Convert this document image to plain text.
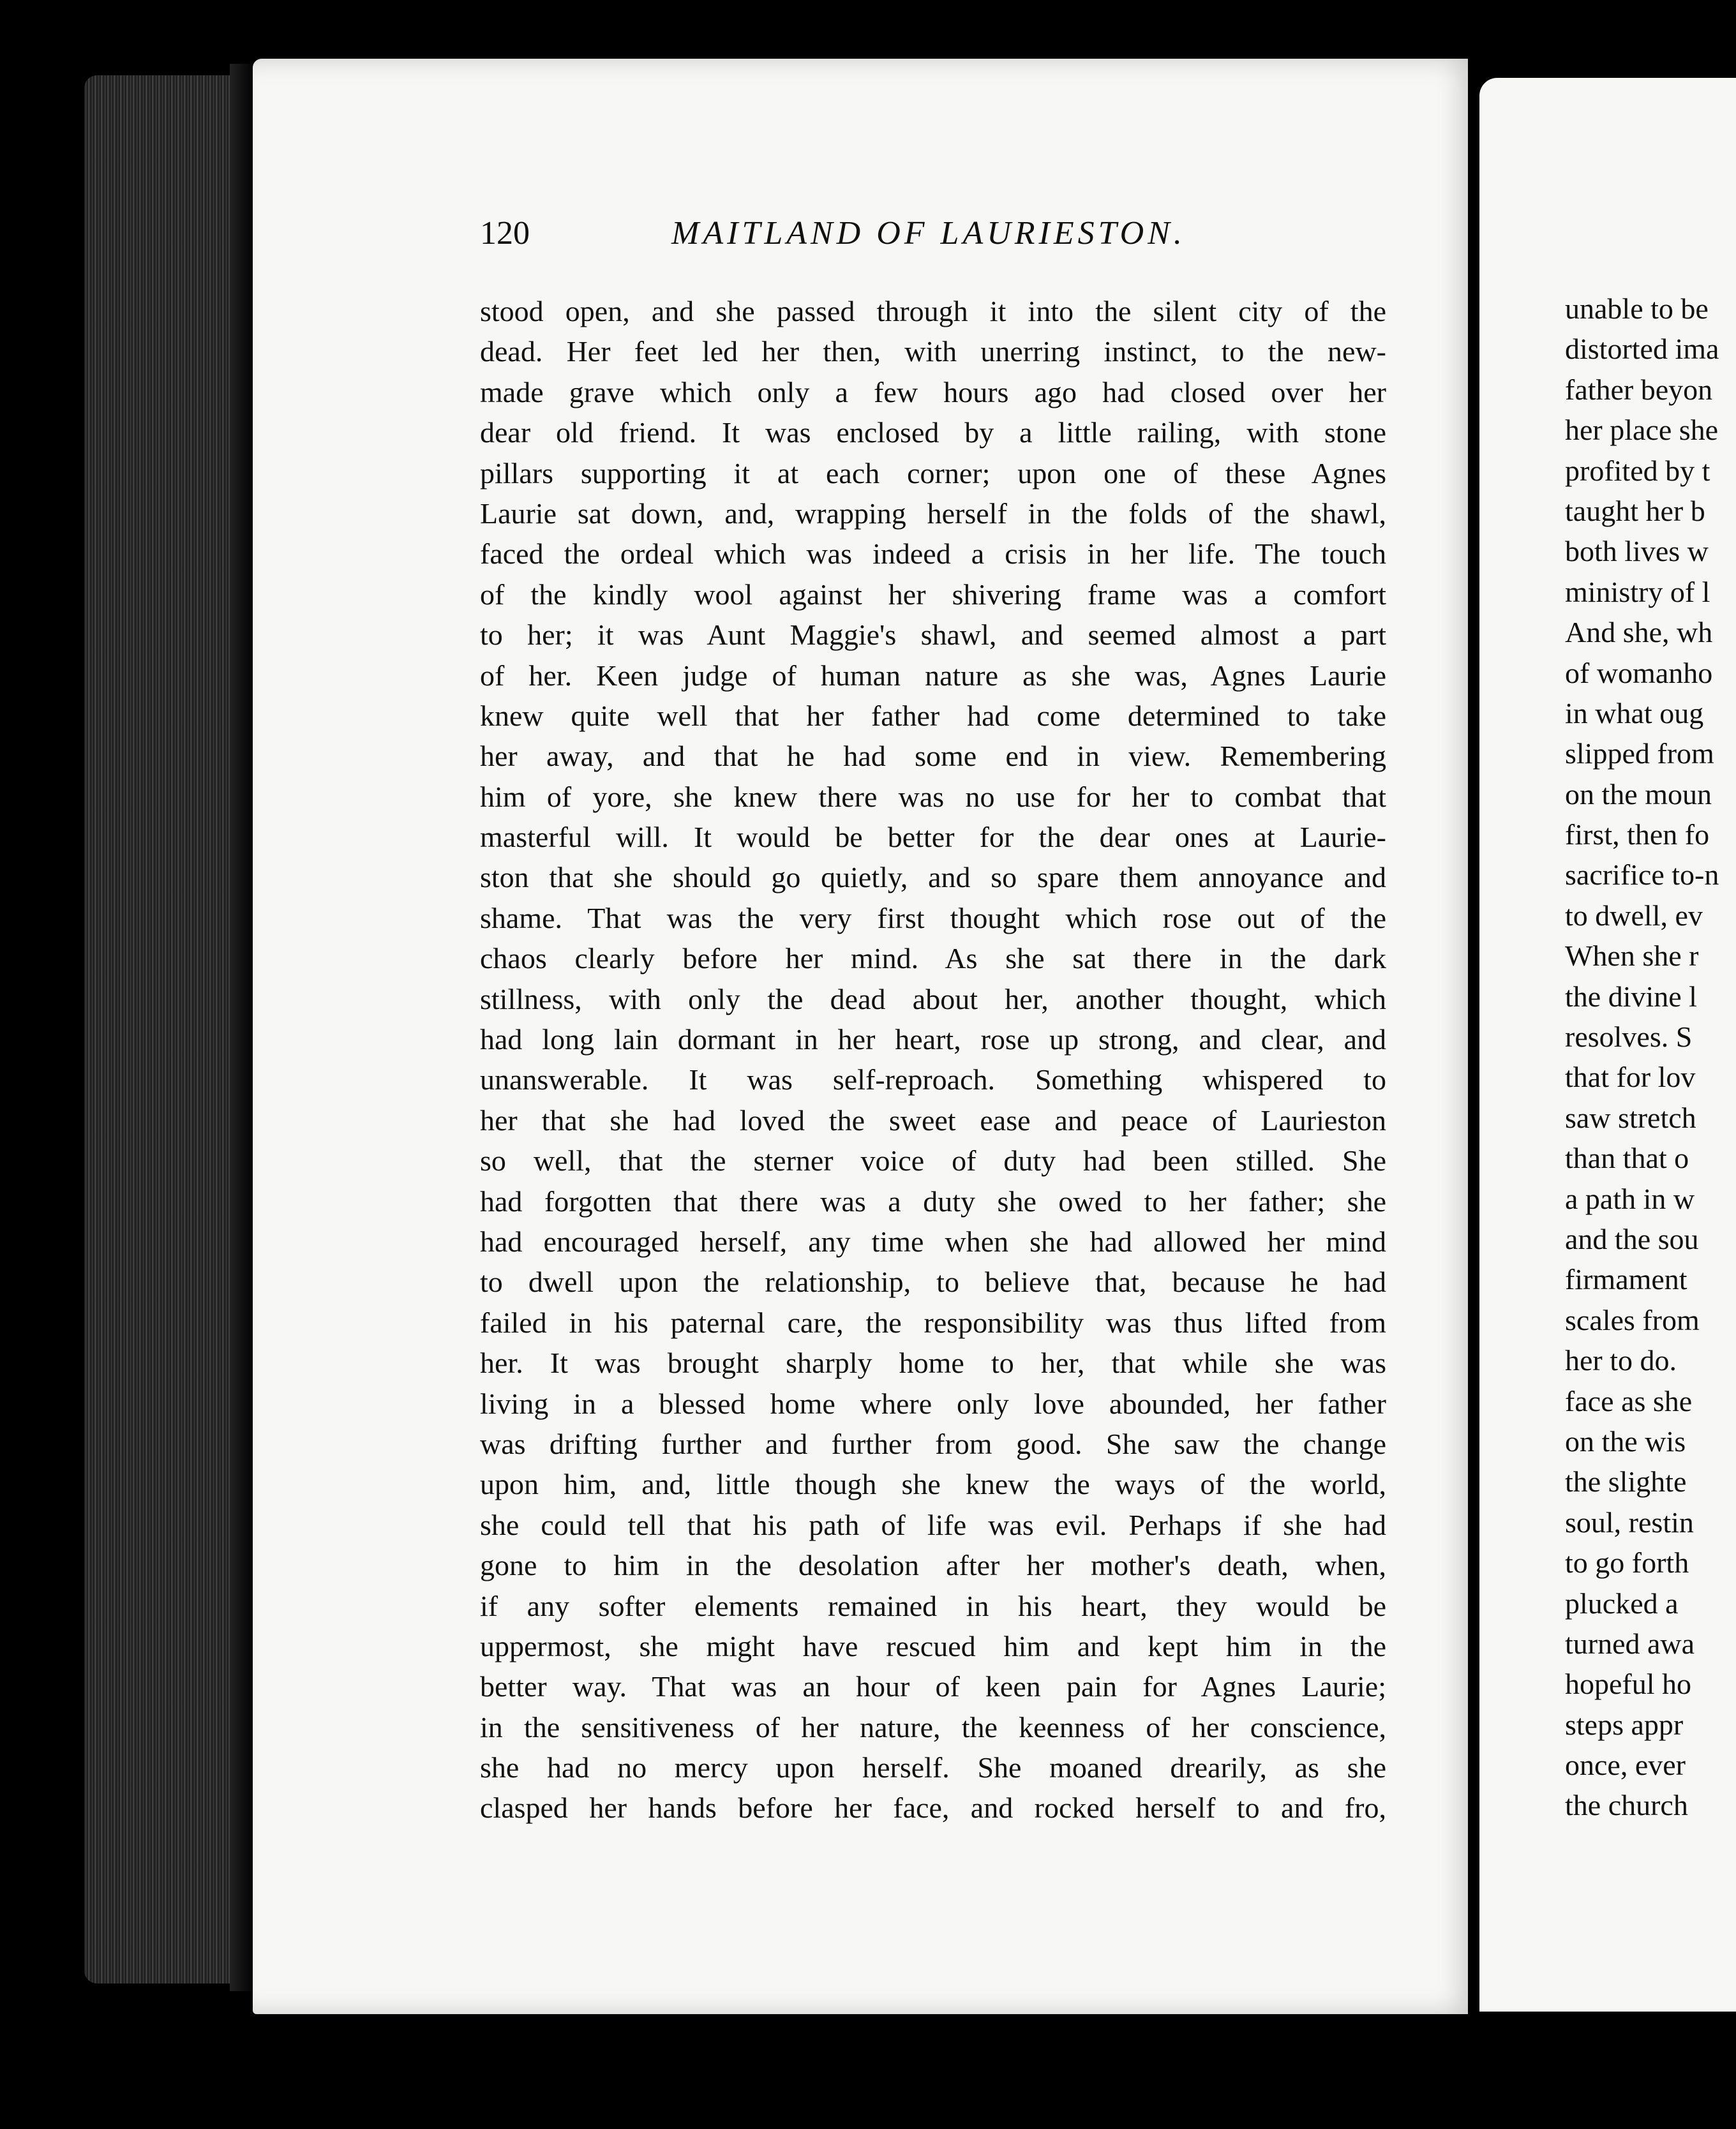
120	MAITLAND OF LAURIESTON.
stood open, and she passed through it into the silent city of the
dead. Her feet led her then, with unerring instinct, to the new-
made grave which only a few hours ago had closed over her
dear old friend. It was enclosed by a little railing, with stone
pillars supporting it at each corner; upon one of these Agnes
Laurie sat down, and, wrapping herself in the folds of the shawl,
faced the ordeal which was indeed a crisis in her life. The touch
of the kindly wool against her shivering frame was a comfort
to her; it was Aunt Maggie's shawl, and seemed almost a part
of her. Keen judge of human nature as she was, Agnes Laurie
knew quite well that her father had come determined to take
her away, and that he had some end in view. Remembering
him of yore, she knew there was no use for her to combat that
masterful will. It would be better for the dear ones at Laurie-
ston that she should go quietly, and so spare them annoyance and
shame. That was the very first thought which rose out of the
chaos clearly before her mind. As she sat there in the dark
stillness, with only the dead about her, another thought, which
had long lain dormant in her heart, rose up strong, and clear, and
unanswerable. It was self-reproach. Something whispered to
her that she had loved the sweet ease and peace of Laurieston
so well, that the sterner voice of duty had been stilled. She
had forgotten that there was a duty she owed to her father; she
had encouraged herself, any time when she had allowed her mind
to dwell upon the relationship, to believe that, because he had
failed in his paternal care, the responsibility was thus lifted from
her. It was brought sharply home to her, that while she was
living in a blessed home where only love abounded, her father
was drifting further and further from good. She saw the change
upon him, and, little though she knew the ways of the world,
she could tell that his path of life was evil. Perhaps if she had
gone to him in the desolation after her mother's death, when,
if any softer elements remained in his heart, they would be
uppermost, she might have rescued him and kept him in the
better way. That was an hour of keen pain for Agnes Laurie;
in the sensitiveness of her nature, the keenness of her conscience,
she had no mercy upon herself. She moaned drearily, as she
clasped her hands before her face, and rocked herself to and fro,
unable to be
distorted ima
father beyon
her place she
profited by t
taught her b
both lives w
ministry of l
And she, wh
of womanho
in what oug
slipped from
on the moun
first, then fo
sacrifice to-n
to dwell, ev
When she r
the divine l
resolves. S
that for lov
saw stretch
than that o
a path in w
and the sou
firmament
scales from
her to do.
face as she
on the wis
the slighte
soul, restin
to go forth
plucked a
turned awa
hopeful ho
steps appr
once, ever
the church
